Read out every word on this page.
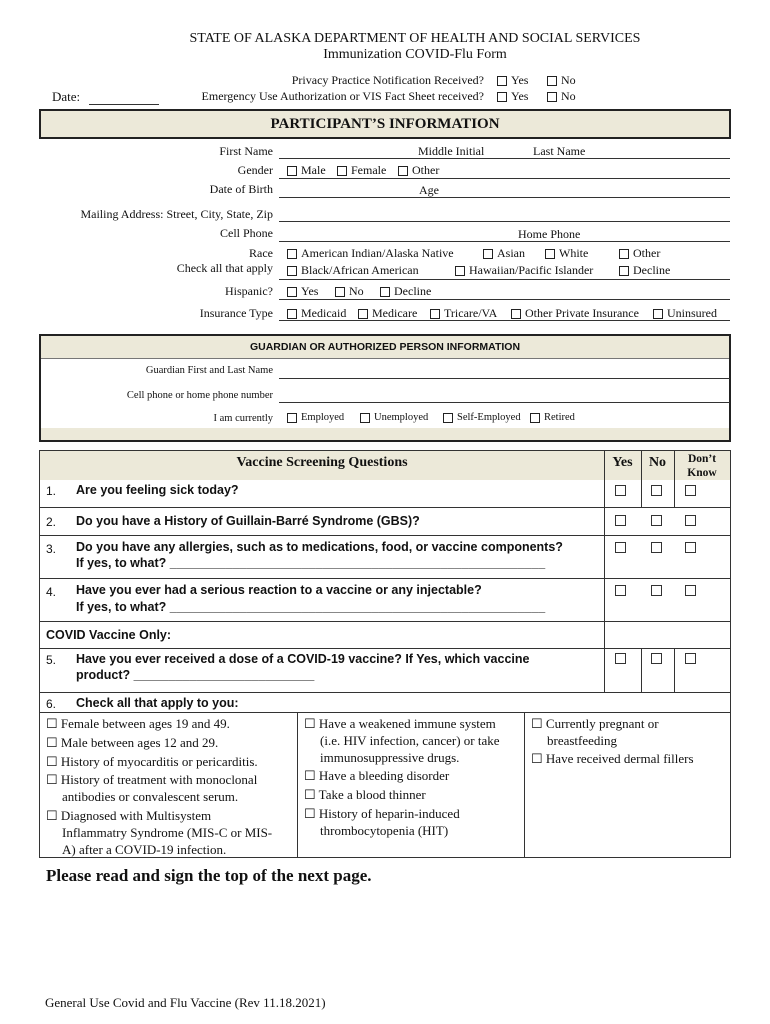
STATE OF ALASKA DEPARTMENT OF HEALTH AND SOCIAL SERVICES
Immunization COVID-Flu Form
Date:
Privacy Practice Notification Received?	Yes	No
Emergency Use Authorization or VIS Fact Sheet received?	Yes	No
PARTICIPANT’S INFORMATION
First Name	Middle Initial	Last Name
Gender	Male	Female	Other
Date of Birth	Age
Mailing Address: Street, City, State, Zip
Cell Phone	Home Phone
Race
Check all that apply
American Indian/Alaska Native	Asian	White	Other
Black/African American	Hawaiian/Pacific Islander	Decline
Hispanic?	Yes	No	Decline
Insurance Type	Medicaid	Medicare	Tricare/VA	Other Private Insurance	Uninsured
GUARDIAN OR AUTHORIZED PERSON INFORMATION
Guardian First and Last Name
Cell phone or home phone number
I am currently	Employed	Unemployed	Self-Employed	Retired
Vaccine Screening Questions	Yes	No	Don’t
Know
1. Are you feeling sick today?
2. Do you have a History of Guillain-Barré Syndrome (GBS)?
3. Do you have any allergies, such as to medications, food, or vaccine components?
If yes, to what? ______________________________________________________
4. Have you ever had a serious reaction to a vaccine or any injectable?
If yes, to what? ______________________________________________________
COVID Vaccine Only:
5. Have you ever received a dose of a COVID-19 vaccine? If Yes, which vaccine
product? __________________________
6. Check all that apply to you:
☐ Female between ages 19 and 49.
☐ Male between ages 12 and 29.
☐ History of myocarditis or pericarditis.
☐ History of treatment with monoclonal
antibodies or convalescent serum.
☐ Diagnosed with Multisystem
Inflammatry Syndrome (MIS-C or MIS-
A) after a COVID-19 infection.
☐ Have a weakened immune system
(i.e. HIV infection, cancer) or take
immunosuppressive drugs.
☐ Have a bleeding disorder
☐ Take a blood thinner
☐ History of heparin-induced
thrombocytopenia (HIT)
☐ Currently pregnant or
breastfeeding
☐ Have received dermal fillers
Please read and sign the top of the next page.
General Use Covid and Flu Vaccine (Rev 11.18.2021)
